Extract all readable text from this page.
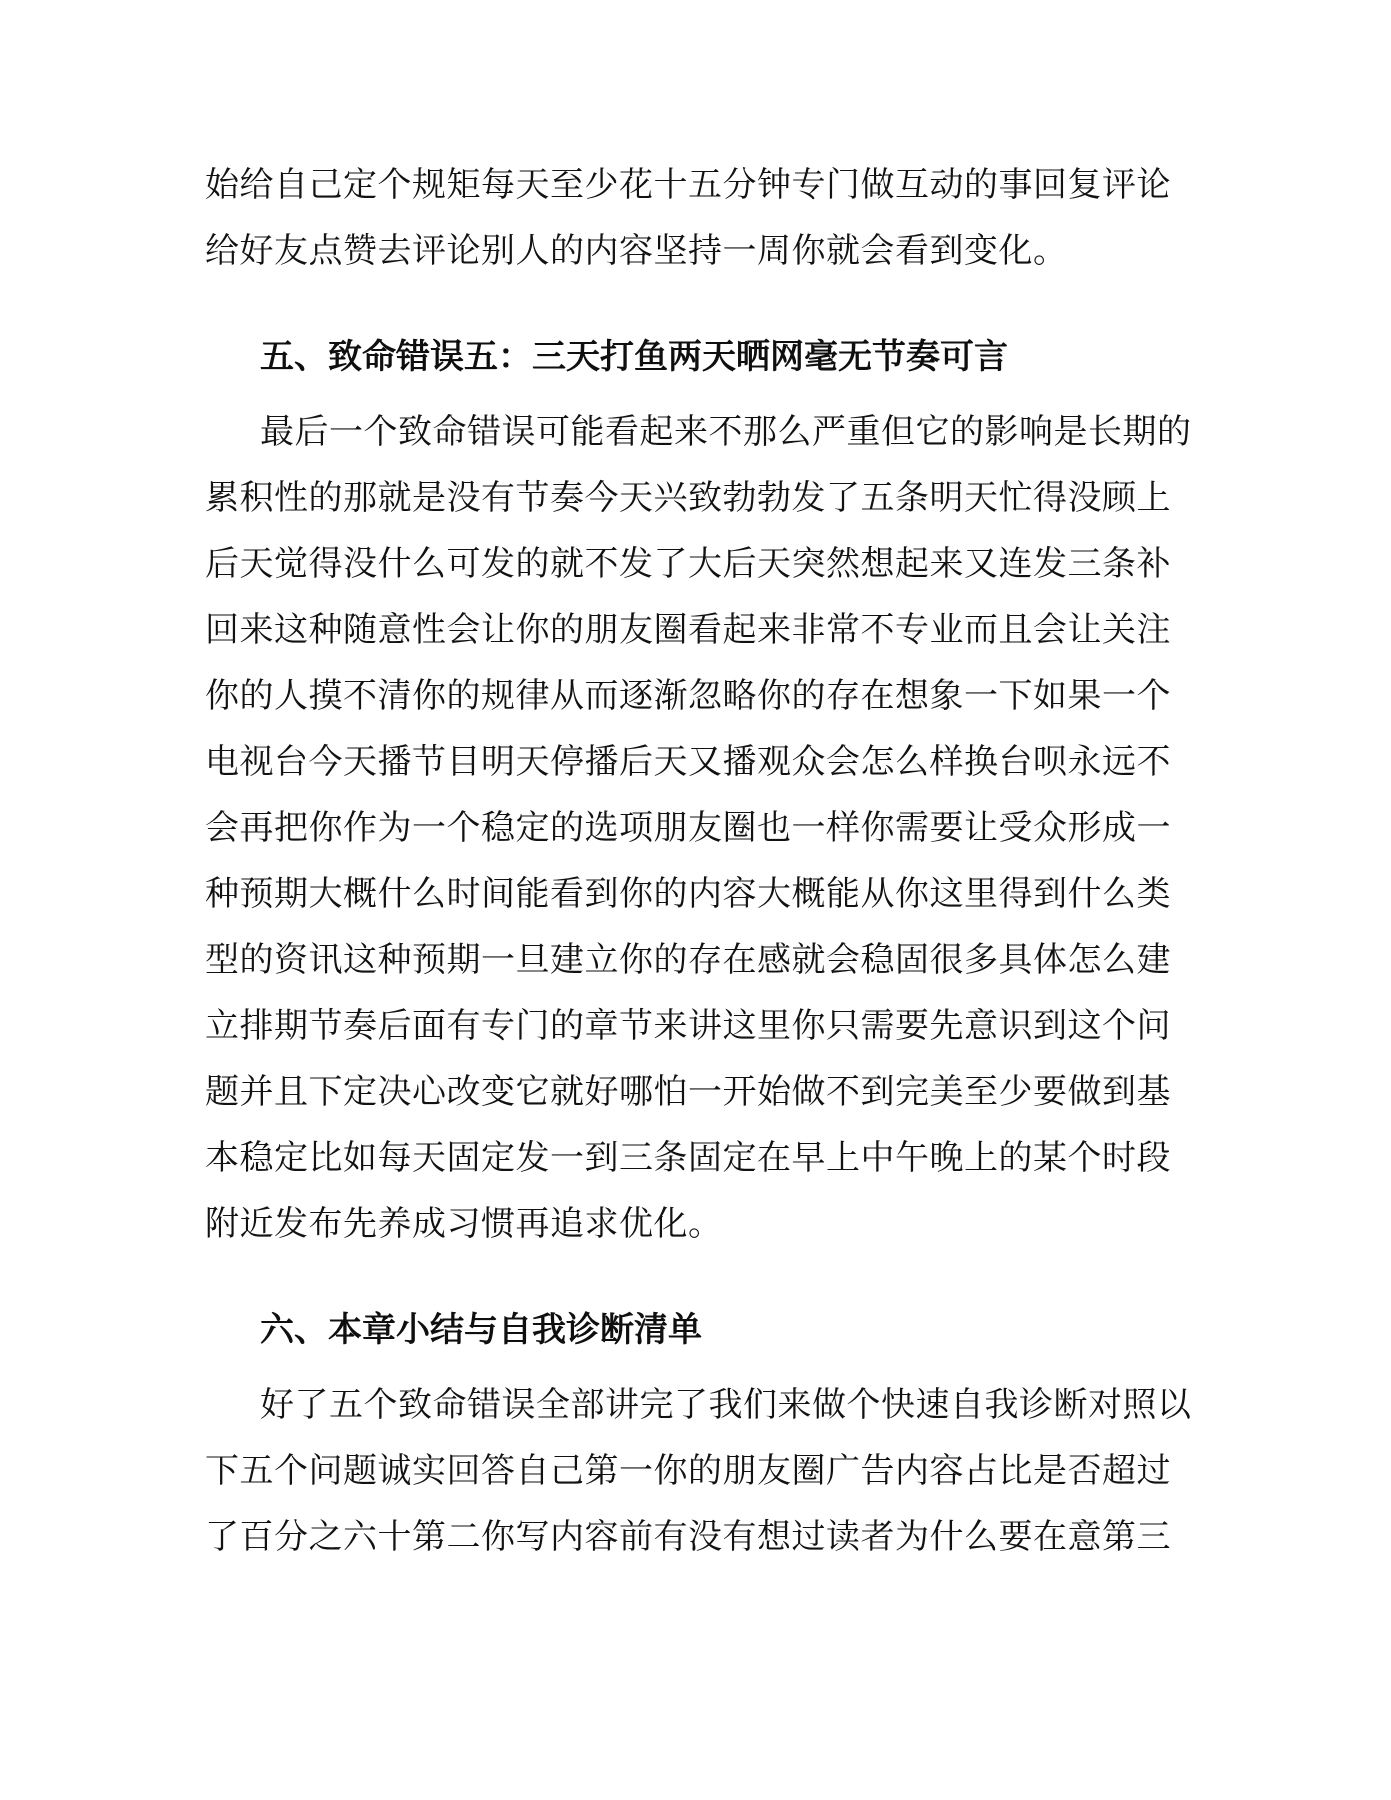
始给自己定个规矩每天至少花十五分钟专门做互动的事回复评论
给好友点赞去评论别人的内容坚持一周你就会看到变化。
五、致命错误五：三天打鱼两天晒网毫无节奏可言
最后一个致命错误可能看起来不那么严重但它的影响是长期的
累积性的那就是没有节奏今天兴致勃勃发了五条明天忙得没顾上
后天觉得没什么可发的就不发了大后天突然想起来又连发三条补
回来这种随意性会让你的朋友圈看起来非常不专业而且会让关注
你的人摸不清你的规律从而逐渐忽略你的存在想象一下如果一个
电视台今天播节目明天停播后天又播观众会怎么样换台呗永远不
会再把你作为一个稳定的选项朋友圈也一样你需要让受众形成一
种预期大概什么时间能看到你的内容大概能从你这里得到什么类
型的资讯这种预期一旦建立你的存在感就会稳固很多具体怎么建
立排期节奏后面有专门的章节来讲这里你只需要先意识到这个问
题并且下定决心改变它就好哪怕一开始做不到完美至少要做到基
本稳定比如每天固定发一到三条固定在早上中午晚上的某个时段
附近发布先养成习惯再追求优化。
六、本章小结与自我诊断清单
好了五个致命错误全部讲完了我们来做个快速自我诊断对照以
下五个问题诚实回答自己第一你的朋友圈广告内容占比是否超过
了百分之六十第二你写内容前有没有想过读者为什么要在意第三
